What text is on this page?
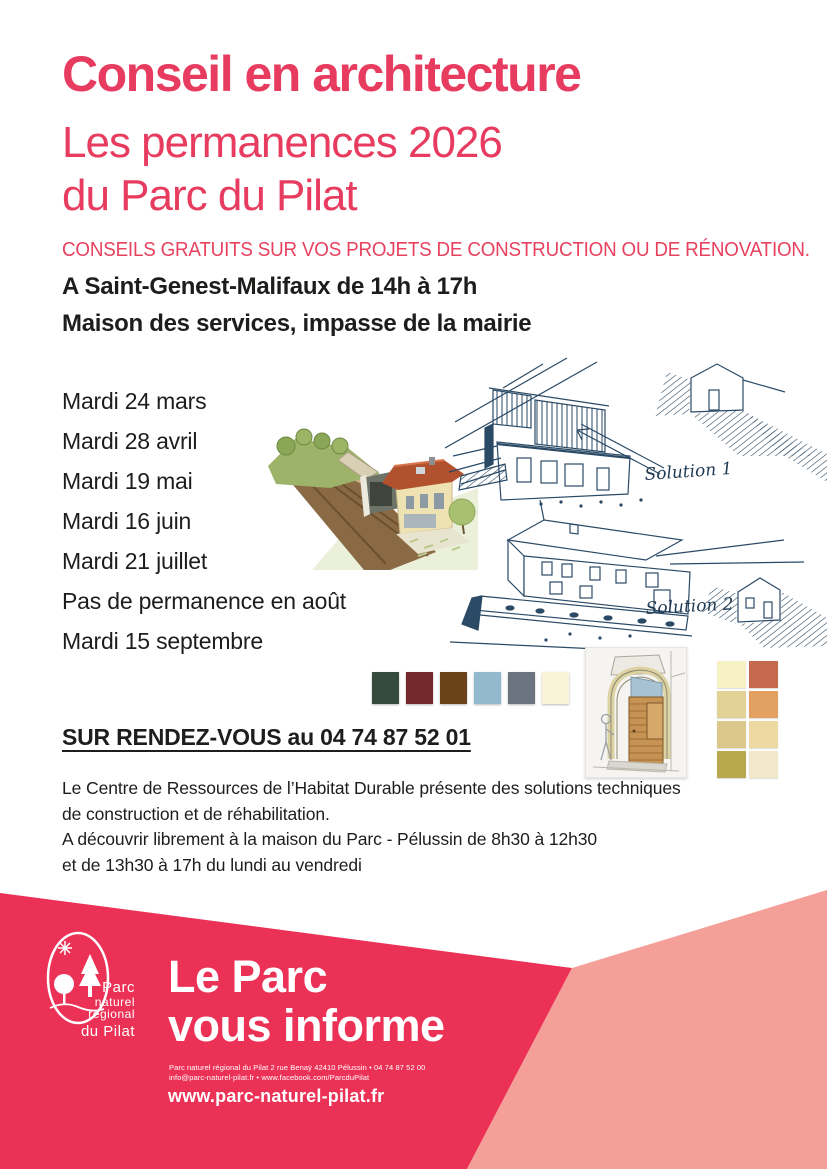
Conseil en architecture
Les permanences 2026
du Parc du Pilat
CONSEILS GRATUITS SUR VOS PROJETS DE CONSTRUCTION OU DE RÉNOVATION.
A Saint-Genest-Malifaux de 14h à 17h
Maison des services, impasse de la mairie
Mardi 24 mars
Mardi 28 avril
Mardi 19 mai
Mardi 16 juin
Mardi 21 juillet
Pas de permanence en août
Mardi 15 septembre
Solution 1
Solution 2
SUR RENDEZ-VOUS au 04 74 87 52 01
Le Centre de Ressources de l’Habitat Durable présente des solutions techniques
de construction et de réhabilitation.
A découvrir librement à la maison du Parc - Pélussin de 8h30 à 12h30
et de 13h30 à 17h du lundi au vendredi
Parc
naturel
régional
du Pilat
Le Parc
vous informe
Parc naturel régional du Pilat 2 rue Benaÿ 42410 Pélussin • 04 74 87 52 00
info@parc-naturel-pilat.fr • www.facebook.com/ParcduPilat
www.parc-naturel-pilat.fr
